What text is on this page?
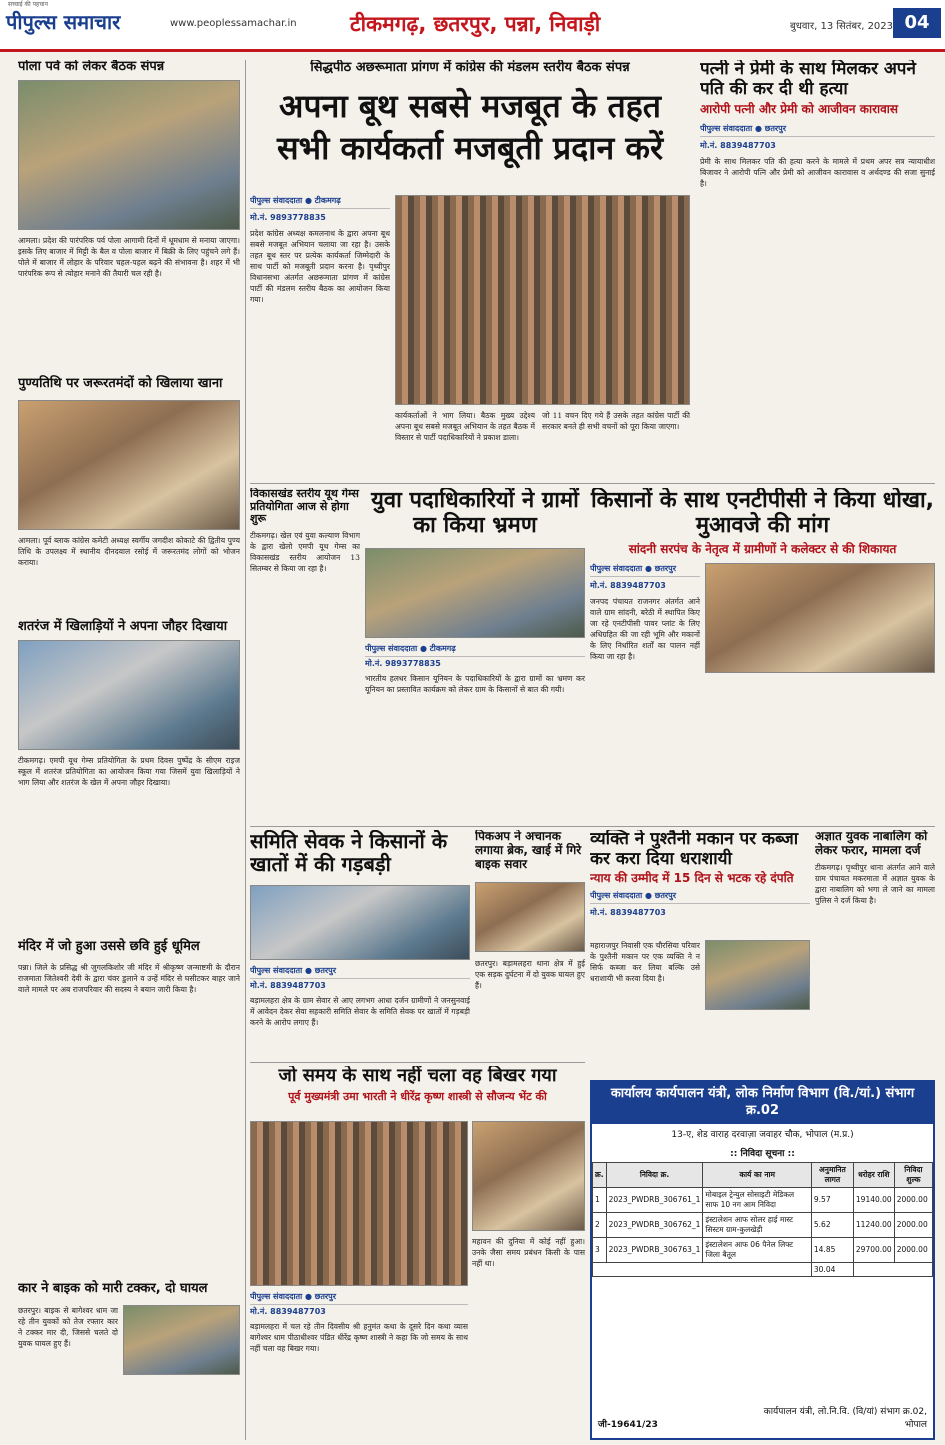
सच्चाई की पहचान
पीपुल्स समाचार	www.peoplessamachar.in	टीकमगढ़, छतरपुर, पन्ना, निवाड़ी	बुधवार, 13 सितंबर, 2023 04
पोला पर्व को लेकर बैठक संपन्न
आमला। प्रदेश की पारंपरिक पर्व पोला आगामी दिनों में धूमधाम से मनाया जाएगा। इसके लिए बाजार में मिट्टी के बैल व पोला बाजार में बिक्री के लिए पहुंचने लगे हैं। पोले में बाजार में लोहार के परिवार चहल-पहल बढ़ने की संभावना है। शहर में भी पारंपरिक रूप से त्योहार मनाने की तैयारी चल रही है।
पुण्यतिथि पर जरूरतमंदों को खिलाया खाना
आमला। पूर्व ब्लाक कांग्रेस कमेटी अध्यक्ष स्वर्गीय जगदीश कोकाटे की द्वितीय पुण्य तिथि के उपलक्ष्य में स्थानीय दीनदयाल रसोई में जरूरतमंद लोगों को भोजन कराया।
शतरंज में खिलाड़ियों ने अपना जौहर दिखाया
टीकमगढ़। एमपी यूथ गेम्स प्रतियोगिता के प्रथम दिवस पुष्पेंद्र के सीएम राइज स्कूल में शतरंज प्रतियोगिता का आयोजन किया गया जिसमें युवा खिलाड़ियों ने भाग लिया और शतरंज के खेल में अपना जौहर दिखाया।
मंदिर में जो हुआ उससे छवि हुई धूमिल
पन्ना। जिले के प्रसिद्ध श्री जुगलकिशोर जी मंदिर में श्रीकृष्ण जन्माष्टमी के दौरान राजमाता जितेश्वरी देवी के द्वारा चंवर डुलाने व उन्हें मंदिर से घसीटकर बाहर जाने वाले मामले पर अब राजपरिवार की सदस्य ने बयान जारी किया है।
कार ने बाइक को मारी टक्कर, दो घायल
छतरपुर। बाइक से बागेश्वर धाम जा रहे तीन युवकों को तेज रफ्तार कार ने टक्कर मार दी, जिससे चलते दो युवक घायल हुए हैं।
सिद्धपीठ अछरूमाता प्रांगण में कांग्रेस की मंडलम स्तरीय बैठक संपन्न
अपना बूथ सबसे मजबूत के तहत सभी कार्यकर्ता मजबूती प्रदान करें
पीपुल्स संवाददाता ● टीकमगढ़
मो.नं. 9893778835
प्रदेश कांग्रेस अध्यक्ष कमलनाथ के द्वारा अपना बूथ सबसे मजबूत अभियान चलाया जा रहा है। उसके तहत बूथ स्तर पर प्रत्येक कार्यकर्ता जिम्मेदारी के साथ पार्टी को मजबूती प्रदान करना है। पृथ्वीपुर विधानसभा अंतर्गत अछरूमाता प्रांगण में कांग्रेस पार्टी की मंडलम स्तरीय बैठक का आयोजन किया गया।
कार्यकर्ताओं ने भाग लिया। बैठक मुख्य उद्देश्य अपना बूथ सबसे मजबूत अभियान के तहत बैठक में विस्तार से पार्टी पदाधिकारियों ने प्रकाश डाला।
जो 11 वचन दिए गये हैं उसके तहत कांग्रेस पार्टी की सरकार बनते ही सभी वचनों को पूरा किया जाएगा।
पत्नी ने प्रेमी के साथ मिलकर अपने पति की कर दी थी हत्या
आरोपी पत्नी और प्रेमी को आजीवन कारावास
पीपुल्स संवाददाता ● छतरपुर
मो.नं. 8839487703
प्रेमी के साथ मिलकर पति की हत्या करने के मामले में प्रथम अपर सत्र न्यायाधीश बिजावर ने आरोपी पत्नि और प्रेमी को आजीवन कारावास व अर्थदण्ड की सजा सुनाई है।
विकासखंड स्तरीय यूथ गेम्स प्रतियोगिता आज से होगा शुरू
टीकमगढ़। खेल एवं युवा कल्याण विभाग के द्वारा खेलो एमपी यूथ गेम्स का विकासखंड स्तरीय आयोजन 13 सितम्बर से किया जा रहा है।
युवा पदाधिकारियों ने ग्रामों का किया भ्रमण
पीपुल्स संवाददाता ● टीकमगढ़
मो.नं. 9893778835
भारतीय हलधर किसान यूनियन के पदाधिकारियों के द्वारा ग्रामों का भ्रमण कर यूनियन का प्रस्तावित कार्यक्रम को लेकर ग्राम के किसानों से बात की गयी।
किसानों के साथ एनटीपीसी ने किया धोखा, मुआवजे की मांग
सांदनी सरपंच के नेतृत्व में ग्रामीणों ने कलेक्टर से की शिकायत
पीपुल्स संवाददाता ● छतरपुर
मो.नं. 8839487703
जनपद पंचायत राजनगर अंतर्गत आने वाले ग्राम सांदनी, बरेठी में स्थापित किए जा रहे एनटीपीसी पावर प्लांट के लिए अधिग्रहित की जा रही भूमि और मकानों के लिए निर्धारित शर्तों का पालन नहीं किया जा रहा है।
समिति सेवक ने किसानों के खातों में की गड़बड़ी
पीपुल्स संवाददाता ● छतरपुर
मो.नं. 8839487703
बड़ामलहरा क्षेत्र के ग्राम सेवार से आए लगभग आधा दर्जन ग्रामीणों ने जनसुनवाई में आवेदन देकर सेवा सहकारी समिति सेवार के समिति सेवक पर खातों में गड़बड़ी करने के आरोप लगाए हैं।
पिकअप ने अचानक लगाया ब्रेक, खाई में गिरे बाइक सवार
छतरपुर। बड़ामलहरा थाना क्षेत्र में हुई एक सड़क दुर्घटना में दो युवक घायल हुए हैं।
व्यक्ति ने पुश्तैनी मकान पर कब्जा कर करा दिया धराशायी
न्याय की उम्मीद में 15 दिन से भटक रहे दंपति
पीपुल्स संवाददाता ● छतरपुर
मो.नं. 8839487703
महाराजपुर निवासी एक चौरसिया परिवार के पुश्तैनी मकान पर एक व्यक्ति ने न सिर्फ कब्जा कर लिया बल्कि उसे धराशायी भी करवा दिया है।
अज्ञात युवक नाबालिग को लेकर फरार, मामला दर्ज
टीकमगढ़। पृथ्वीपुर थाना अंतर्गत आने वाले ग्राम पंचायत मकरमाता में अज्ञात युवक के द्वारा नाबालिग को भगा ले जाने का मामला पुलिस ने दर्ज किया है।
जो समय के साथ नहीं चला वह बिखर गया
पूर्व मुख्यमंत्री उमा भारती ने धीरेंद्र कृष्ण शास्त्री से सौजन्य भेंट की
महावन की दुनिया में कोई नहीं हुआ। उनके जैसा समय प्रबंधन किसी के पास नहीं था।
पीपुल्स संवाददाता ● छतरपुर
मो.नं. 8839487703
बड़ामलहरा में चल रहे तीन दिवसीय श्री हनुमंत कथा के दूसरे दिन कथा व्यास बागेश्वर धाम पीठाधीश्वर पंडित धीरेंद्र कृष्ण शास्त्री ने कहा कि जो समय के साथ नहीं चला वह बिखर गया।
कार्यालय कार्यपालन यंत्री, लोक निर्माण विभाग (वि./यां.) संभाग क्र.02
13-ए, शेड वाराह दरवाज़ा जवाहर चौक, भोपाल (म.प्र.)
:: निविदा सूचना ::
क्र.	निविदा क्र.	कार्य का नाम	अनुमानित लागत	धरोहर राशि	निविदा शुल्क
1	2023_PWDRB_306761_1	मोबाइल ट्रेन्युल सोसाइटी मेडिकल साफ 10 नग आम निविदा	9.57	19140.00	2000.00
2	2023_PWDRB_306762_1	इंस्टालेशन आफ सोलर हाई मास्ट सिस्टम ग्राम-कुलखेड़ी	5.62	11240.00	2000.00
3	2023_PWDRB_306763_1	इंस्टालेशन आफ 06 पैनेल लिफ्ट जिला बैतूल	14.85	29700.00	2000.00
			30.04		
जी-19641/23
कार्यपालन यंत्री, लो.नि.वि. (वि/यां) संभाग क्र.02, भोपाल
